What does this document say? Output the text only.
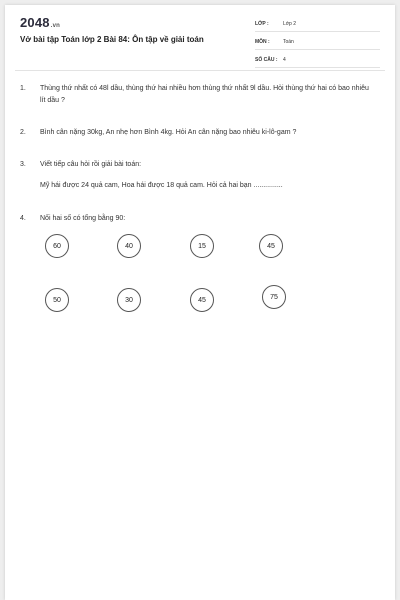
2048.vn
Vở bài tập Toán lớp 2 Bài 84: Ôn tập về giải toán
LỚP :	Lớp 2
MÔN :	Toán
SỐ CÂU :	4
1. Thùng thứ nhất có 48l dầu, thùng thứ hai nhiều hơn thùng thứ nhất 9l dầu. Hỏi thùng thứ hai có bao nhiêu lít dầu ?
2. Bình cân nặng 30kg, An nhẹ hơn Bình 4kg. Hỏi An cân nặng bao nhiêu ki-lô-gam ?
3. Viết tiếp câu hỏi rồi giải bài toán:
Mỹ hái được 24 quả cam, Hoa hái được 18 quả cam. Hỏi cả hai bạn ...............
4. Nối hai số có tổng bằng 90:
60	40	15	45
50	30	45	75
